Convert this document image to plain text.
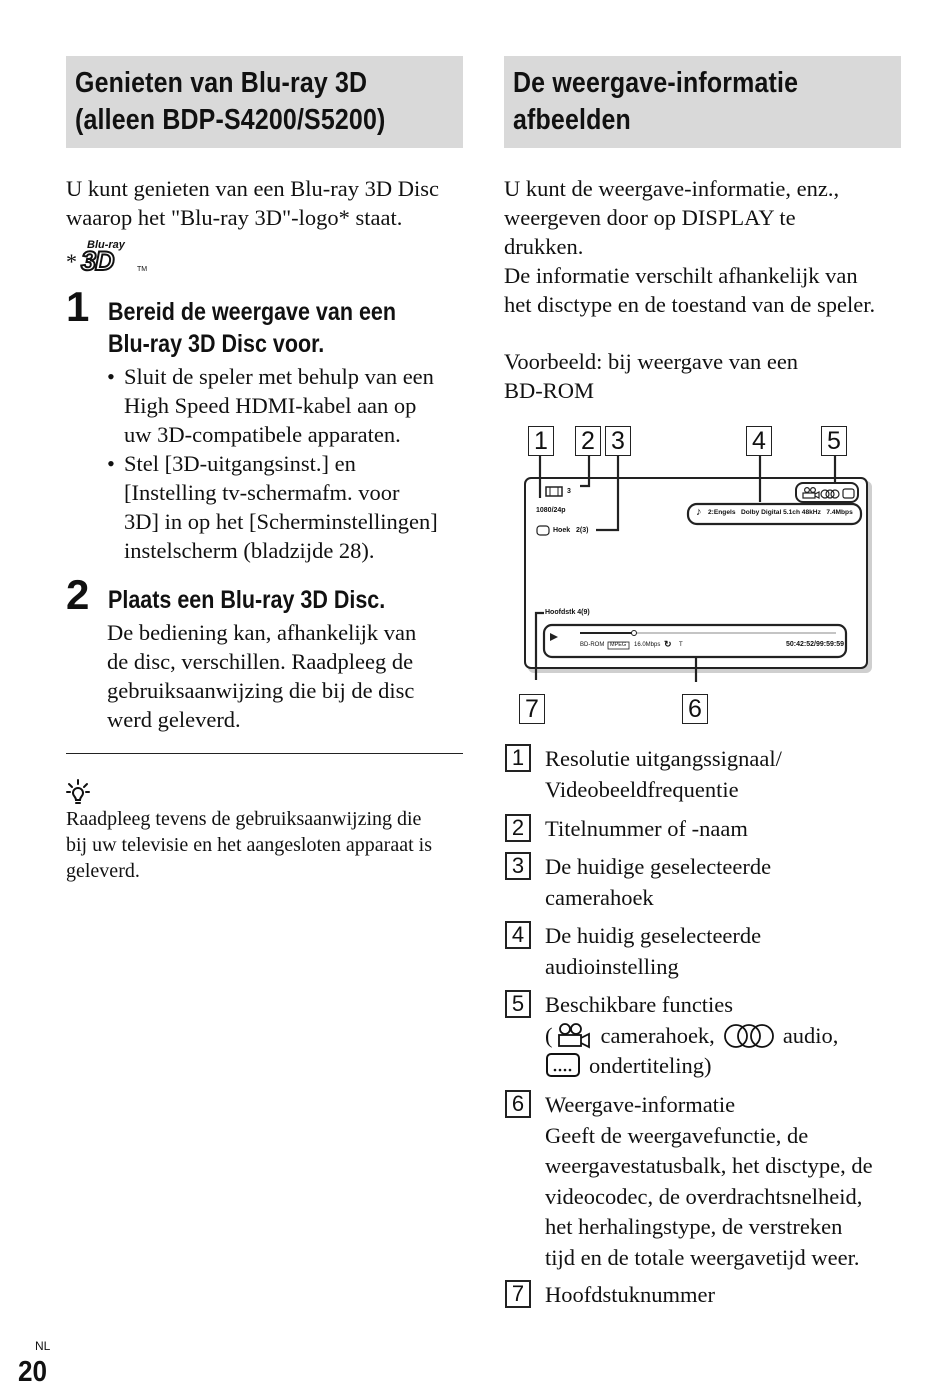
Genieten van Blu-ray 3D
(alleen BDP-S4200/S5200)
U kunt genieten van een Blu-ray 3D Disc
waarop het "Blu-ray 3D"-logo* staat.
*
Blu-ray
3D	TM
1 Bereid de weergave van een
Blu-ray 3D Disc voor.
• Sluit de speler met behulp van een
High Speed HDMI-kabel aan op
uw 3D-compatibele apparaten.
• Stel [3D-uitgangsinst.] en
[Instelling tv-schermafm. voor
3D] in op het [Scherminstellingen]
instelscherm (bladzijde 28).
2 Plaats een Blu-ray 3D Disc.
De bediening kan, afhankelijk van
de disc, verschillen. Raadpleeg de
gebruiksaanwijzing die bij de disc
werd geleverd.
Raadpleeg tevens de gebruiksaanwijzing die
bij uw televisie en het aangesloten apparaat is
geleverd.
De weergave-informatie
afbeelden
U kunt de weergave-informatie, enz.,
weergeven door op DISPLAY te
drukken.
De informatie verschilt afhankelijk van
het disctype en de toestand van de speler.
Voorbeeld: bij weergave van een
BD-ROM
1 2 3	4 5
7	6
3
1080/24p
Hoek 2(3)
♪ 2:Engels   Dolby Digital 5.1ch 48kHz   7.4Mbps
Hoofdstk 4(9)
BD-ROM MPEG 16.0Mbps ↻ T	50:42:52/99:59:59
1 Resolutie uitgangssignaal/
Videobeeldfrequentie
2 Titelnummer of -naam
3 De huidige geselecteerde
camerahoek
4 De huidig geselecteerde
audioinstelling
5 Beschikbare functies
( camerahoek,	audio,
ondertiteling)
6 Weergave-informatie
Geeft de weergavefunctie, de
weergavestatusbalk, het disctype, de
videocodec, de overdrachtsnelheid,
het herhalingstype, de verstreken
tijd en de totale weergavetijd weer.
7 Hoofdstuknummer
NL
20
